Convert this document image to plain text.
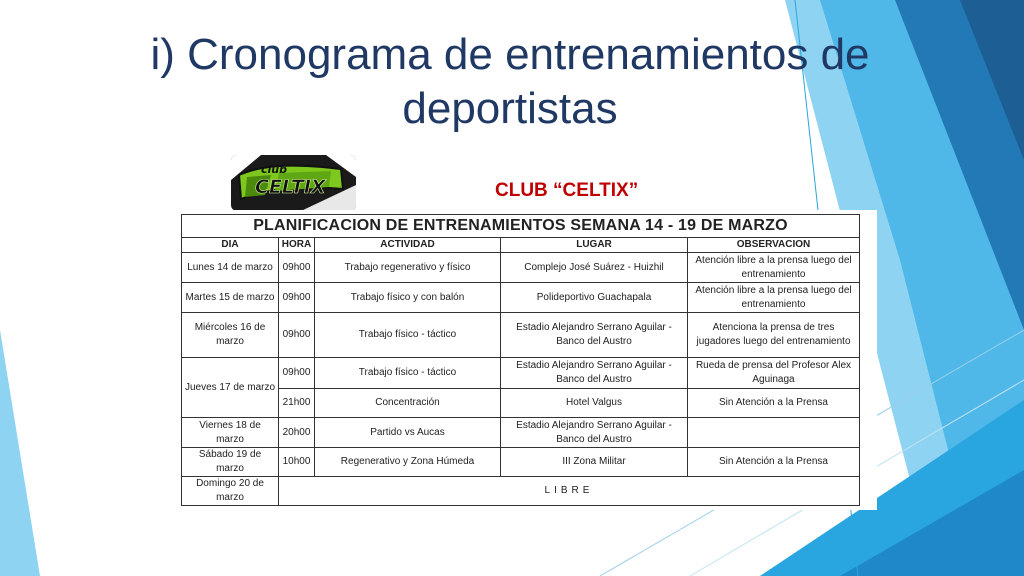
i) Cronograma de entrenamientos de deportistas
club
CELTIX	CLUB “CELTIX”
PLANIFICACION DE ENTRENAMIENTOS SEMANA 14 - 19 DE MARZO				
DIA	HORA	ACTIVIDAD	LUGAR	OBSERVACION
Lunes 14 de marzo	09h00	Trabajo regenerativo y físico	Complejo José Suárez - Huizhil	Atención libre a la prensa luego del entrenamiento
Martes 15 de marzo	09h00	Trabajo físico y con balón	Polideportivo Guachapala	Atención libre a la prensa luego del entrenamiento
Miércoles 16 de marzo	09h00	Trabajo físico - táctico	Estadio Alejandro Serrano Aguilar - Banco del Austro	Atenciona la prensa de tres jugadores luego del entrenamiento
Jueves 17 de marzo	09h00	Trabajo físico - táctico	Estadio Alejandro Serrano Aguilar - Banco del Austro	Rueda de prensa del Profesor Alex Aguinaga
	21h00	Concentración	Hotel Valgus	Sin Atención a la Prensa
Viernes 18 de marzo	20h00	Partido vs Aucas	Estadio Alejandro Serrano Aguilar - Banco del Austro	
Sábado 19 de marzo	10h00	Regenerativo y Zona Húmeda	III Zona Militar	Sin Atención a la Prensa
Domingo 20 de marzo	LIBRE			
